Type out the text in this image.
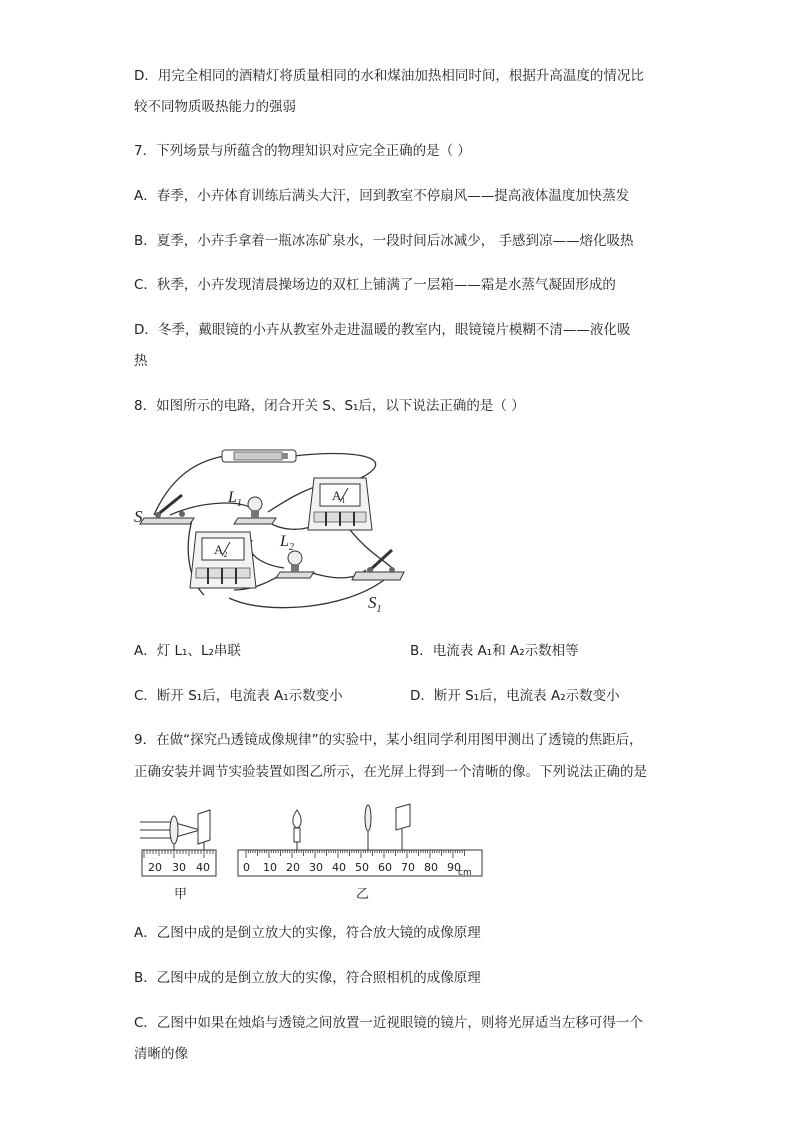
D．用完全相同的酒精灯将质量相同的水和煤油加热相同时间，根据升高温度的情况比
较不同物质吸热能力的强弱
7．下列场景与所蕴含的物理知识对应完全正确的是（ ）
A．春季，小卉体育训练后满头大汗，回到教室不停扇风——提高液体温度加快蒸发
B．夏季，小卉手拿着一瓶冰冻矿泉水，一段时间后冰减少， 手感到凉——熔化吸热
C．秋季，小卉发现清晨操场边的双杠上铺满了一层箱——霜是水蒸气凝固形成的
D．冬季，戴眼镜的小卉从教室外走进温暖的教室内，眼镜镜片模糊不清——液化吸
热
8．如图所示的电路，闭合开关 S、S₁后，以下说法正确的是（ ）
S
$L_1$
$A_1$
$A_2$
$L_2$
$S_1$
A．灯 L₁、L₂串联	B．电流表 A₁和 A₂示数相等
C．断开 S₁后，电流表 A₁示数变小	D．断开 S₁后，电流表 A₂示数变小
9．在做“探究凸透镜成像规律”的实验中，某小组同学利用图甲测出了透镜的焦距后，
正确安装并调节实验装置如图乙所示，在光屏上得到一个清晰的像。下列说法正确的是
20 30 40
甲
0 10 20 30 40 50 60 70 80 90
cm
乙
A．乙图中成的是倒立放大的实像，符合放大镜的成像原理
B．乙图中成的是倒立放大的实像，符合照相机的成像原理
C．乙图中如果在烛焰与透镜之间放置一近视眼镜的镜片，则将光屏适当左移可得一个
清晰的像
